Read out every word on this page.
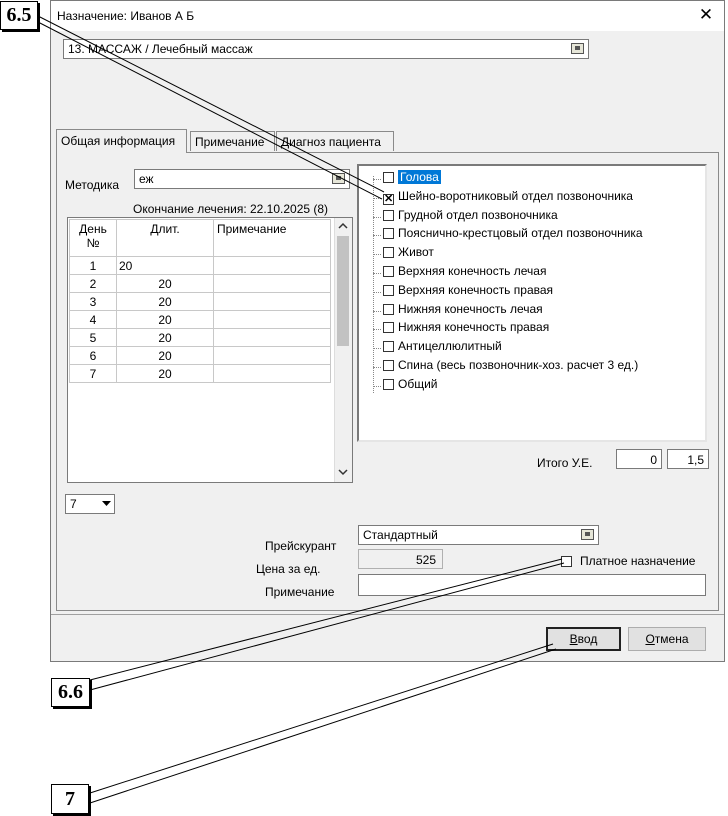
Назначение: Иванов А Б	✕
13. МАССАЖ / Лечебный массаж
Общая информация	Примечание	Диагноз пациента
Методика еж
Окончание лечения: 22.10.2025 (8)
День
№	Длит.	Примечание
1	20	
2	20	
3	20	
4	20	
5	20	
6	20	
7	20	
7
Итого У.Е.	0	1,5
Прейскурант
Стандартный
Цена за ед.
525	Платное назначение
Примечание
Ввод	Отмена
Голова
✕ Шейно-воротниковый отдел позвоночника
Грудной отдел позвоночника
Пояснично-крестцовый отдел позвоночника
Живот
Верхняя конечность лечая
Верхняя конечность правая
Нижняя конечность лечая
Нижняя конечность правая
Антицеллюлитный
Спина (весь позвоночник-хоз. расчет 3 ед.)
Общий
6.5
6.6
7
